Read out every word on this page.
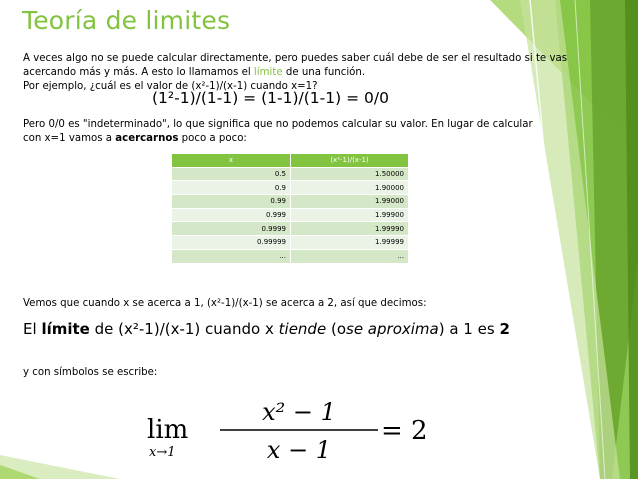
Teoría de limites
A veces algo no se puede calcular directamente, pero puedes saber cuál debe de ser el resultado si te vas acercando más y más. A esto lo llamamos el límite de una función.
Por ejemplo, ¿cuál es el valor de (x²-1)/(x-1) cuando x=1?
(1²-1)/(1-1) = (1-1)/(1-1) = 0/0
Pero 0/0 es "indeterminado", lo que significa que no podemos calcular su valor. En lugar de calcular con x=1 vamos a acercarnos poco a poco:
x	(x²-1)/(x-1)
0.5	1.50000
0.9	1.90000
0.99	1.99000
0.999	1.99900
0.9999	1.99990
0.99999	1.99999
...	...
Vemos que cuando x se acerca a 1, (x²-1)/(x-1) se acerca a 2, así que decimos:
El límite de (x²-1)/(x-1) cuando x tiende (ose aproxima) a 1 es 2
y con símbolos se escribe:
lim
x→1
x² − 1
x − 1
= 2
